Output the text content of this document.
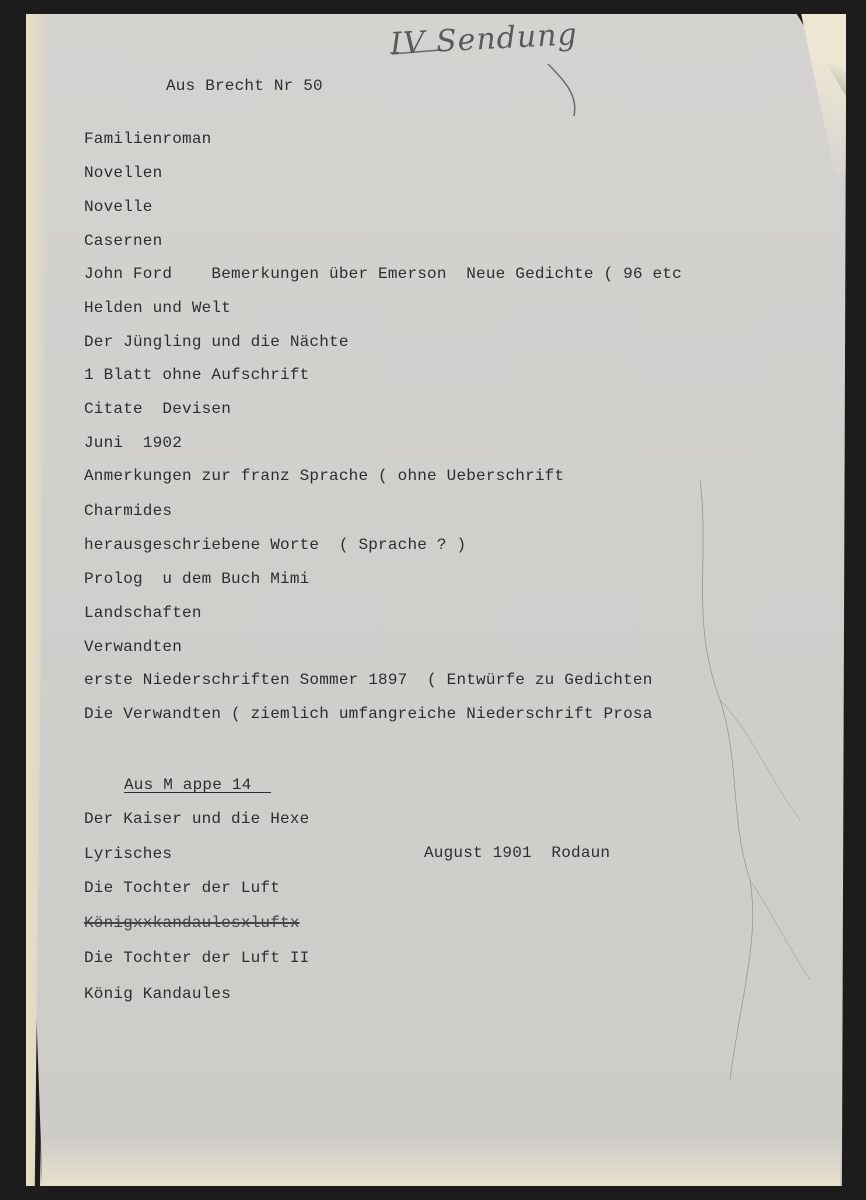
IV Sendung
Aus Brecht Nr 50
Familienroman
Novellen
Novelle
Casernen
John Ford    Bemerkungen über Emerson  Neue Gedichte ( 96 etc
Helden und Welt
Der Jüngling und die Nächte
1 Blatt ohne Aufschrift
Citate  Devisen
Juni  1902
Anmerkungen zur franz Sprache ( ohne Ueberschrift
Charmides
herausgeschriebene Worte  ( Sprache ? )
Prolog  u dem Buch Mimi
Landschaften
Verwandten
erste Niederschriften Sommer 1897  ( Entwürfe zu Gedichten
Die Verwandten ( ziemlich umfangreiche Niederschrift Prosa
Aus M appe 14
Der Kaiser und die Hexe
Lyrisches	August 1901  Rodaun
Die Tochter der Luft
Königxxkandaulesxluftx
Die Tochter der Luft II
König Kandaules
